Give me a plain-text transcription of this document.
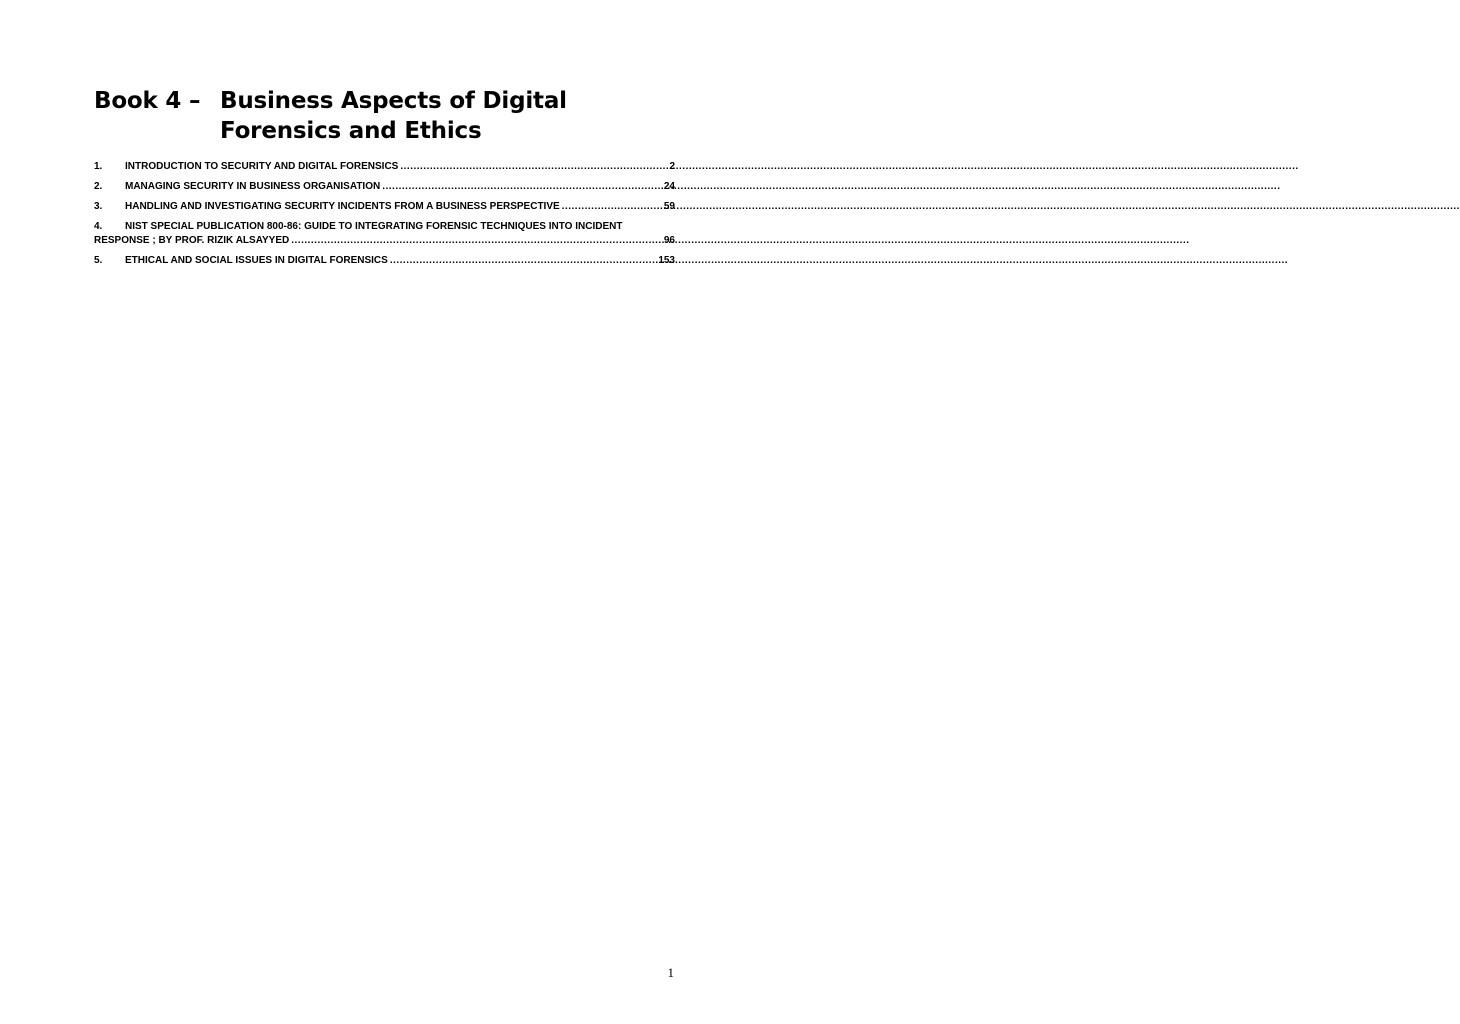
Book 4 – Business Aspects of Digital
Forensics and Ethics
1.	INTRODUCTION TO SECURITY AND DIGITAL FORENSICS .....	2
2.	MANAGING SECURITY IN BUSINESS ORGANISATION .....	24
3.	HANDLING AND INVESTIGATING SECURITY INCIDENTS FROM A BUSINESS PERSPECTIVE .....	59
4.	NIST SPECIAL PUBLICATION 800-86: GUIDE TO INTEGRATING FORENSIC TECHNIQUES INTO INCIDENT
RESPONSE ; BY PROF. RIZIK ALSAYYED .....	96
5.	ETHICAL AND SOCIAL ISSUES IN DIGITAL FORENSICS .....	153
1
